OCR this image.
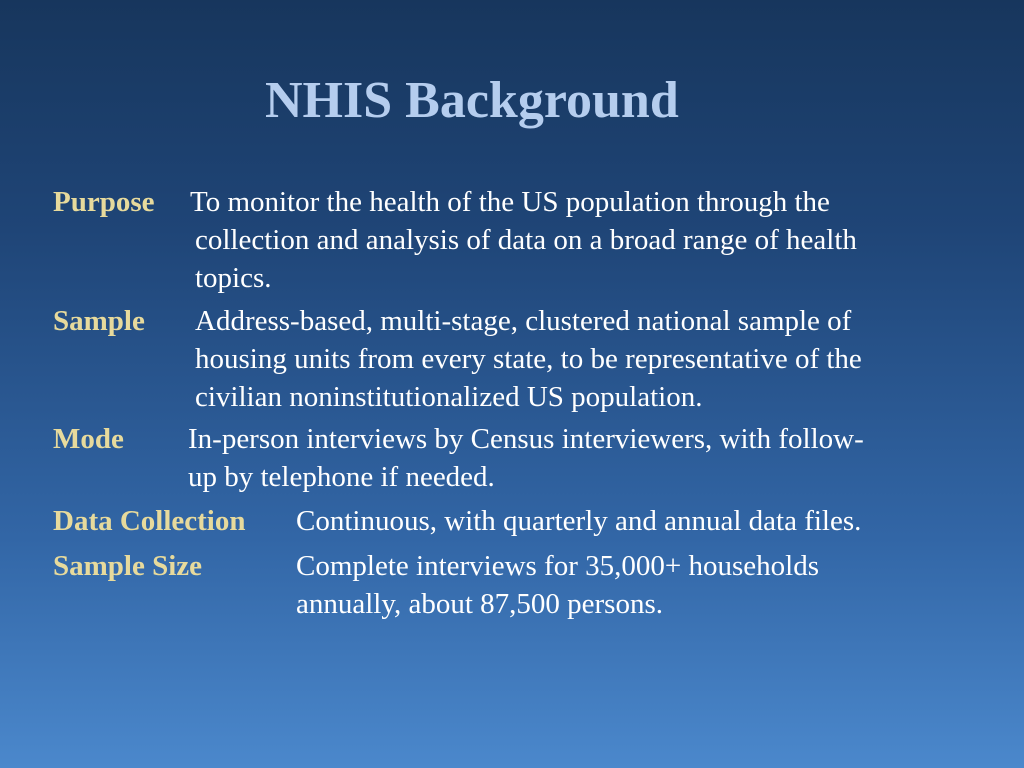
NHIS Background
Purpose To monitor the health of the US population through the
collection and analysis of data on a broad range of health
topics.
Sample Address-based, multi-stage, clustered national sample of
housing units from every state, to be representative of the
civilian noninstitutionalized US population.
Mode In-person interviews by Census interviewers, with follow-
up by telephone if needed.
Data Collection Continuous, with quarterly and annual data files.
Sample Size	Complete interviews for 35,000+ households
annually, about 87,500 persons.
